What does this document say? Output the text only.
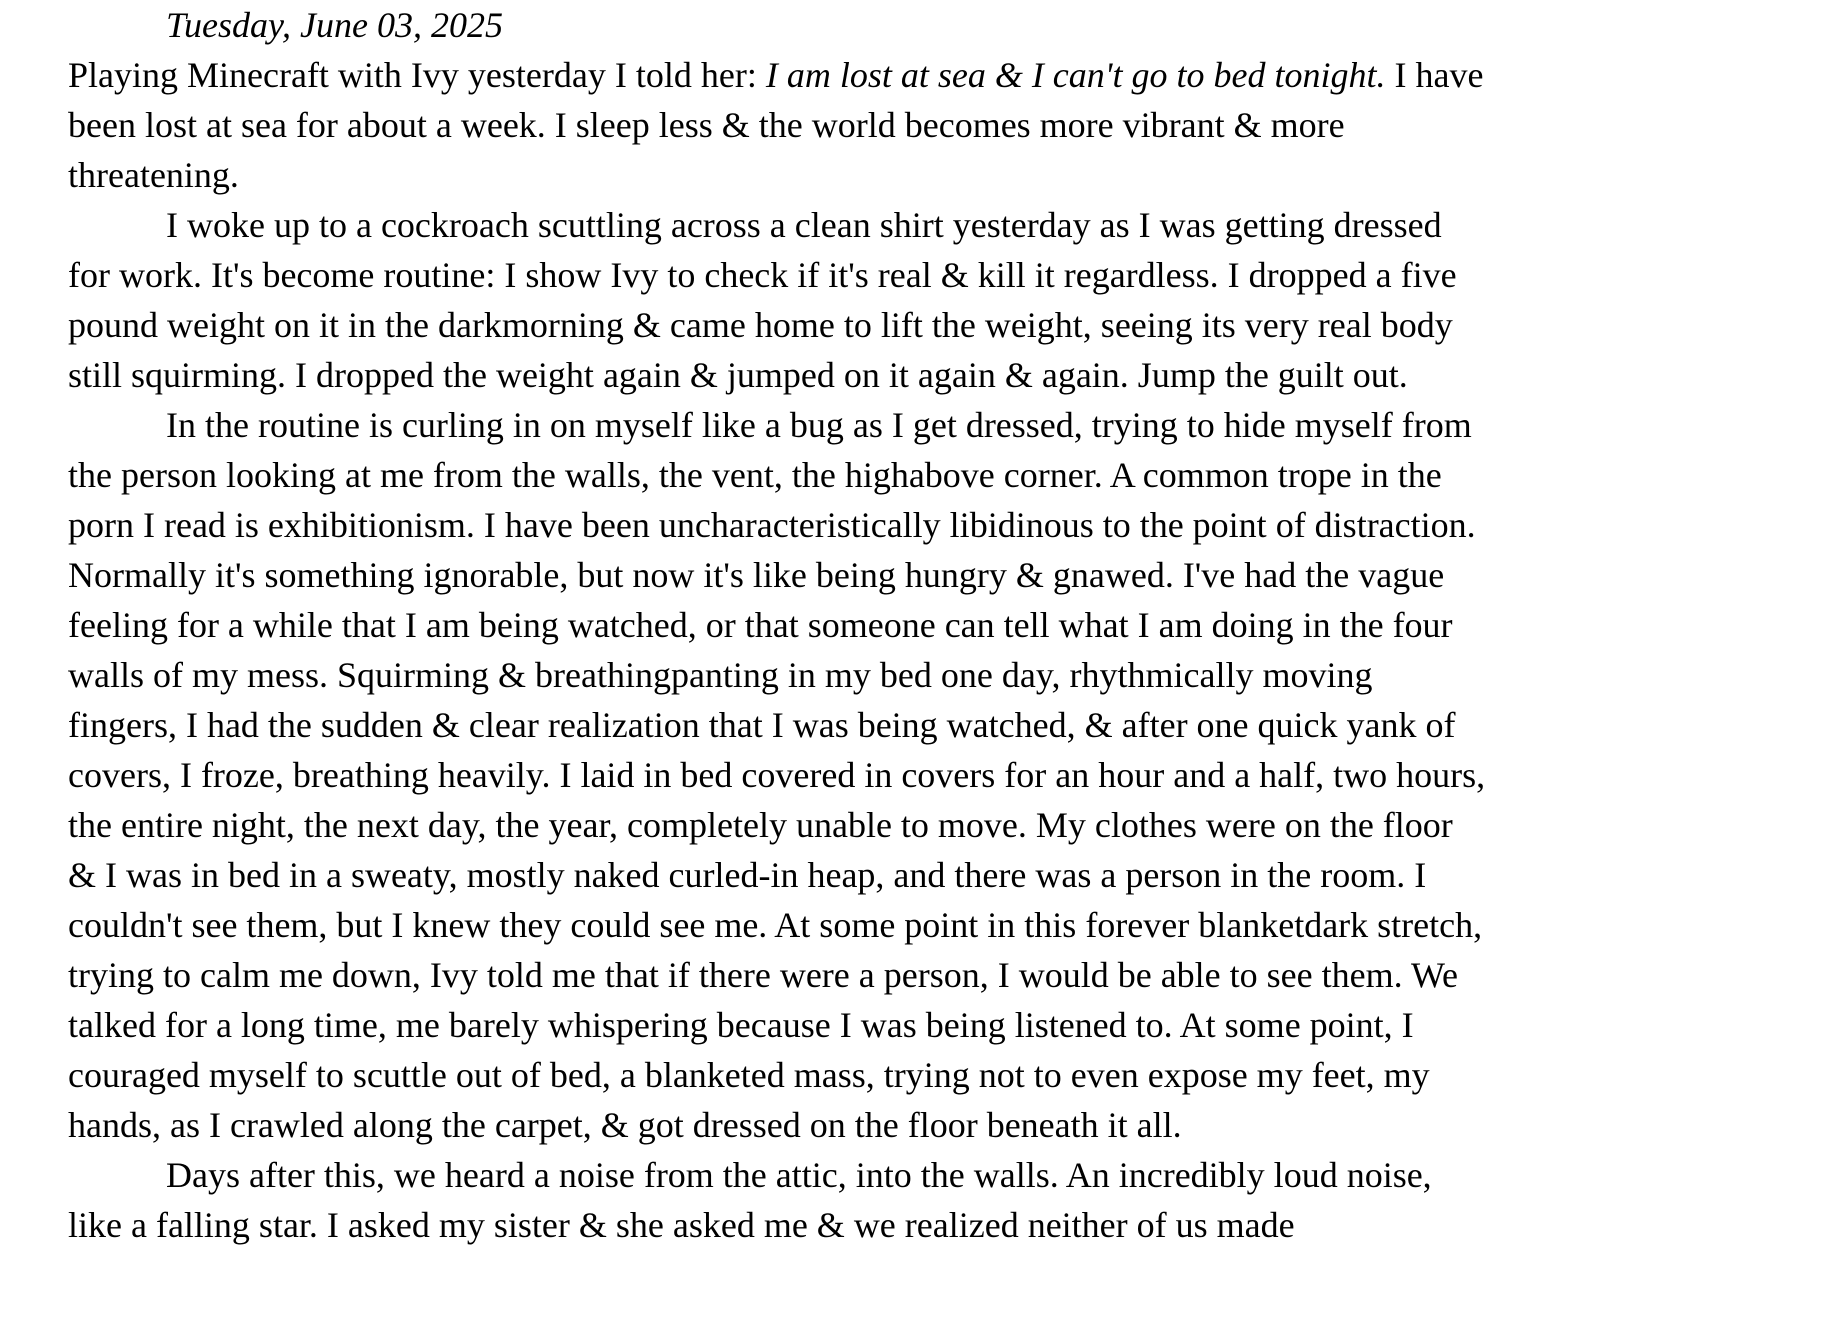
Tuesday, June 03, 2025

Playing Minecraft with Ivy yesterday I told her: I am lost at sea & I can't go to bed tonight. I have been lost at sea for about a week. I sleep less & the world becomes more vibrant & more threatening.

I woke up to a cockroach scuttling across a clean shirt yesterday as I was getting dressed for work. It's become routine: I show Ivy to check if it's real & kill it regardless. I dropped a five pound weight on it in the darkmorning & came home to lift the weight, seeing its very real body still squirming. I dropped the weight again & jumped on it again & again. Jump the guilt out.

In the routine is curling in on myself like a bug as I get dressed, trying to hide myself from the person looking at me from the walls, the vent, the highabove corner. A common trope in the porn I read is exhibitionism. I have been uncharacteristically libidinous to the point of distraction. Normally it's something ignorable, but now it's like being hungry & gnawed. I've had the vague feeling for a while that I am being watched, or that someone can tell what I am doing in the four walls of my mess. Squirming & breathingpanting in my bed one day, rhythmically moving fingers, I had the sudden & clear realization that I was being watched, & after one quick yank of covers, I froze, breathing heavily. I laid in bed covered in covers for an hour and a half, two hours, the entire night, the next day, the year, completely unable to move. My clothes were on the floor & I was in bed in a sweaty, mostly naked curled-in heap, and there was a person in the room. I couldn't see them, but I knew they could see me. At some point in this forever blanketdark stretch, trying to calm me down, Ivy told me that if there were a person, I would be able to see them. We talked for a long time, me barely whispering because I was being listened to. At some point, I couraged myself to scuttle out of bed, a blanketed mass, trying not to even expose my feet, my hands, as I crawled along the carpet, & got dressed on the floor beneath it all.

Days after this, we heard a noise from the attic, into the walls. An incredibly loud noise, like a falling star. I asked my sister & she asked me & we realized neither of us made
